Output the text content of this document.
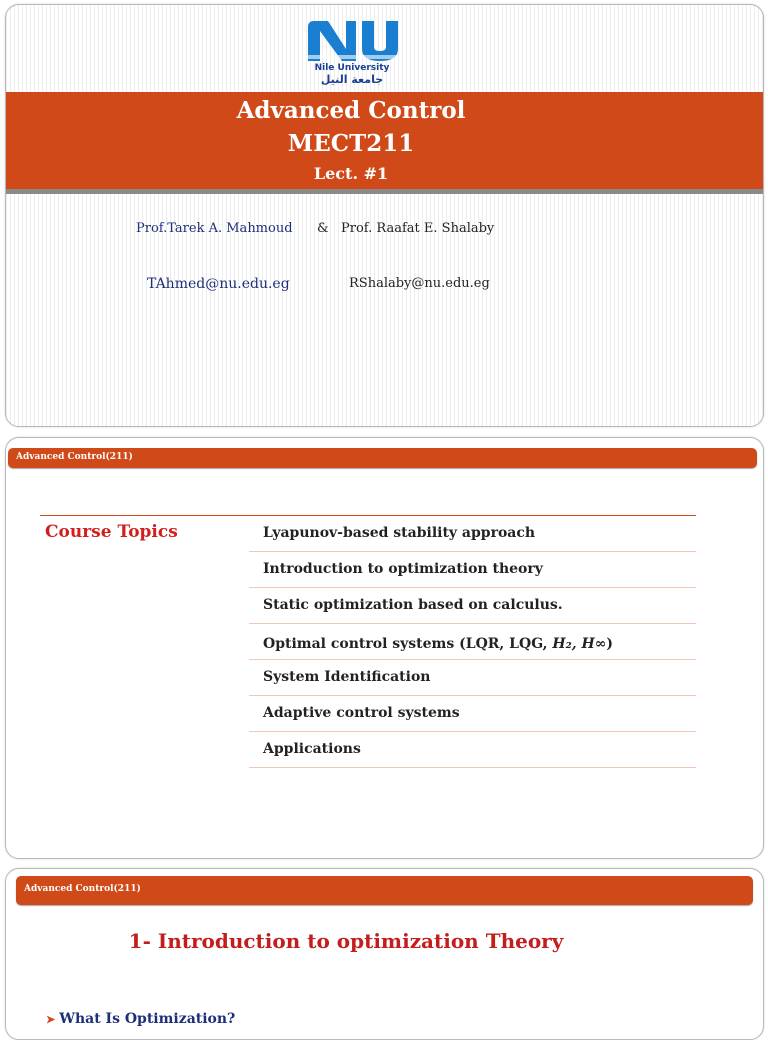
Nile University
جامعة النيل
Advanced Control
MECT211
Lect. #1
Prof.Tarek A. Mahmoud & Prof. Raafat E. Shalaby
TAhmed@nu.edu.eg	RShalaby@nu.edu.eg
Advanced Control(211)
Course Topics	Lyapunov-based stability approach
Introduction to optimization theory
Static optimization based on calculus.
Optimal control systems (LQR, LQG, H₂, H∞)
System Identification
Adaptive control systems
Applications
Advanced Control(211)
1- Introduction to optimization Theory
➤ What Is Optimization?
